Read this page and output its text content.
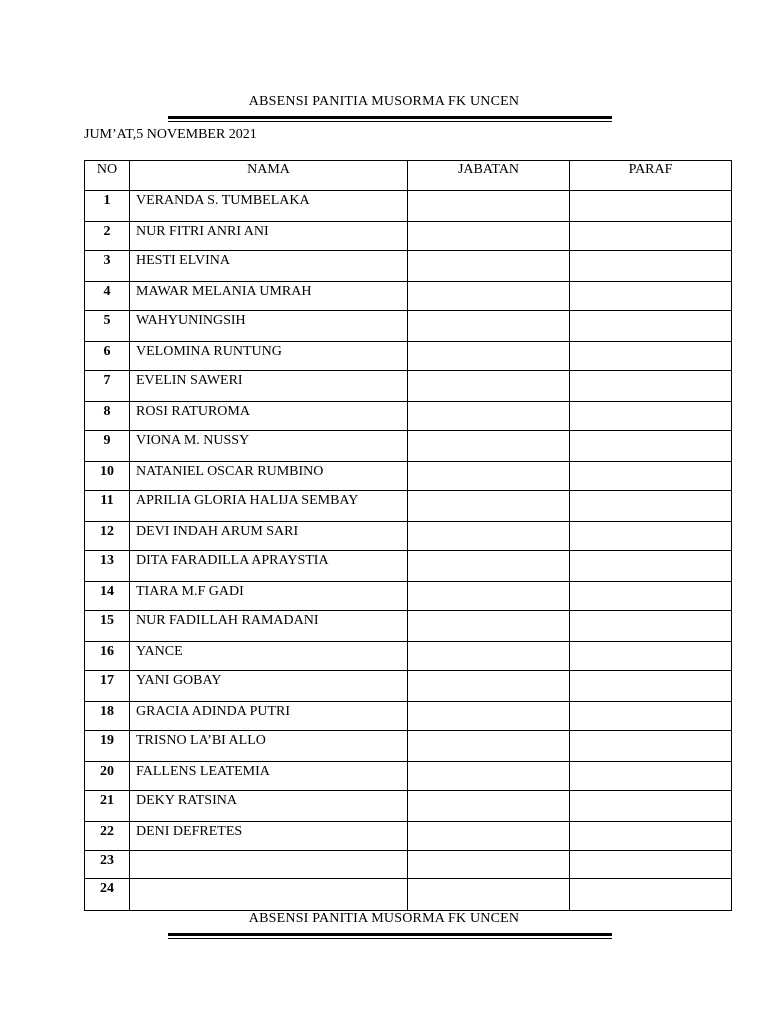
ABSENSI PANITIA MUSORMA FK UNCEN
JUM’AT,5 NOVEMBER 2021
NO	NAMA	JABATAN	PARAF
1	VERANDA S. TUMBELAKA		
2	NUR FITRI ANRI ANI		
3	HESTI ELVINA		
4	MAWAR MELANIA UMRAH		
5	WAHYUNINGSIH		
6	VELOMINA RUNTUNG		
7	EVELIN SAWERI		
8	ROSI RATUROMA		
9	VIONA M. NUSSY		
10	NATANIEL OSCAR RUMBINO		
11	APRILIA GLORIA HALIJA SEMBAY		
12	DEVI INDAH ARUM SARI		
13	DITA FARADILLA APRAYSTIA		
14	TIARA M.F GADI		
15	NUR FADILLAH RAMADANI		
16	YANCE		
17	YANI GOBAY		
18	GRACIA ADINDA PUTRI		
19	TRISNO LA’BI ALLO		
20	FALLENS LEATEMIA		
21	DEKY RATSINA		
22	DENI DEFRETES		
23			
24			
ABSENSI PANITIA MUSORMA FK UNCEN
